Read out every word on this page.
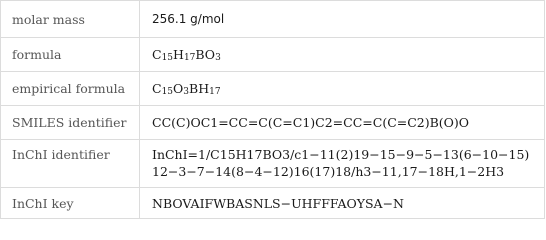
molar mass	256.1 g/mol
formula	C 15 H 17 BO 3
empirical formula	C 15 O 3 BH 17
SMILES identifier	CC(C)OC1=CC=C(C=C1)C2=CC=C(C=C2)B(O)O
InChI identifier	InChI=1/C15H17BO3/c1−11(2)19−15−9−5−13(6−10−15)
12−3−7−14(8−4−12)16(17)18/h3−11,17−18H,1−2H3
InChI key	NBOVAIFWBASNLS−UHFFFAOYSA−N
